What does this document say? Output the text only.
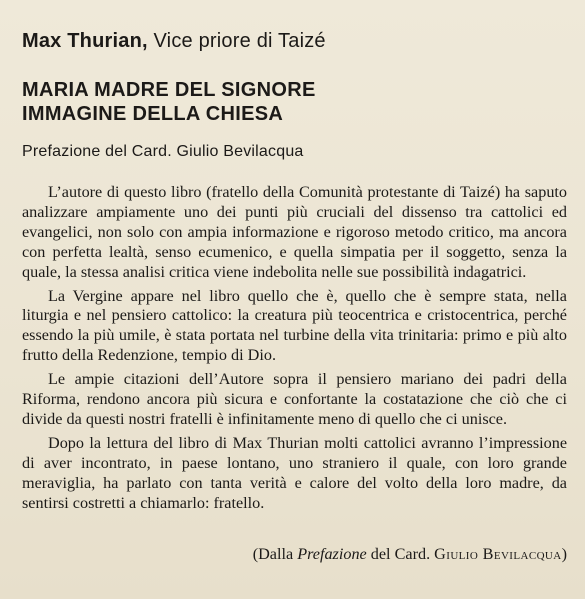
Max Thurian, Vice priore di Taizé
MARIA MADRE DEL SIGNORE
IMMAGINE DELLA CHIESA
Prefazione del Card. Giulio Bevilacqua

L’autore di questo libro (fratello della Comunità protestante di Taizé) ha saputo analizzare ampiamente uno dei punti più cruciali del dissenso tra cattolici ed evangelici, non solo con ampia informazione e rigoroso metodo critico, ma ancora con perfetta lealtà, senso ecumenico, e quella simpatia per il soggetto, senza la quale, la stessa analisi critica viene indebolita nelle sue possibilità indagatrici.

La Vergine appare nel libro quello che è, quello che è sempre stata, nella liturgia e nel pensiero cattolico: la creatura più teocentrica e cristocentrica, perché essendo la più umile, è stata portata nel turbine della vita trinitaria: primo e più alto frutto della Redenzione, tempio di Dio.

Le ampie citazioni dell’Autore sopra il pensiero mariano dei padri della Riforma, rendono ancora più sicura e confortante la costatazione che ciò che ci divide da questi nostri fratelli è infinitamente meno di quello che ci unisce.

Dopo la lettura del libro di Max Thurian molti cattolici avranno l’impressione di aver incontrato, in paese lontano, uno straniero il quale, con loro grande meraviglia, ha parlato con tanta verità e calore del volto della loro madre, da sentirsi costretti a chiamarlo: fratello.

(Dalla Prefazione del Card. Giulio Bevilacqua)
